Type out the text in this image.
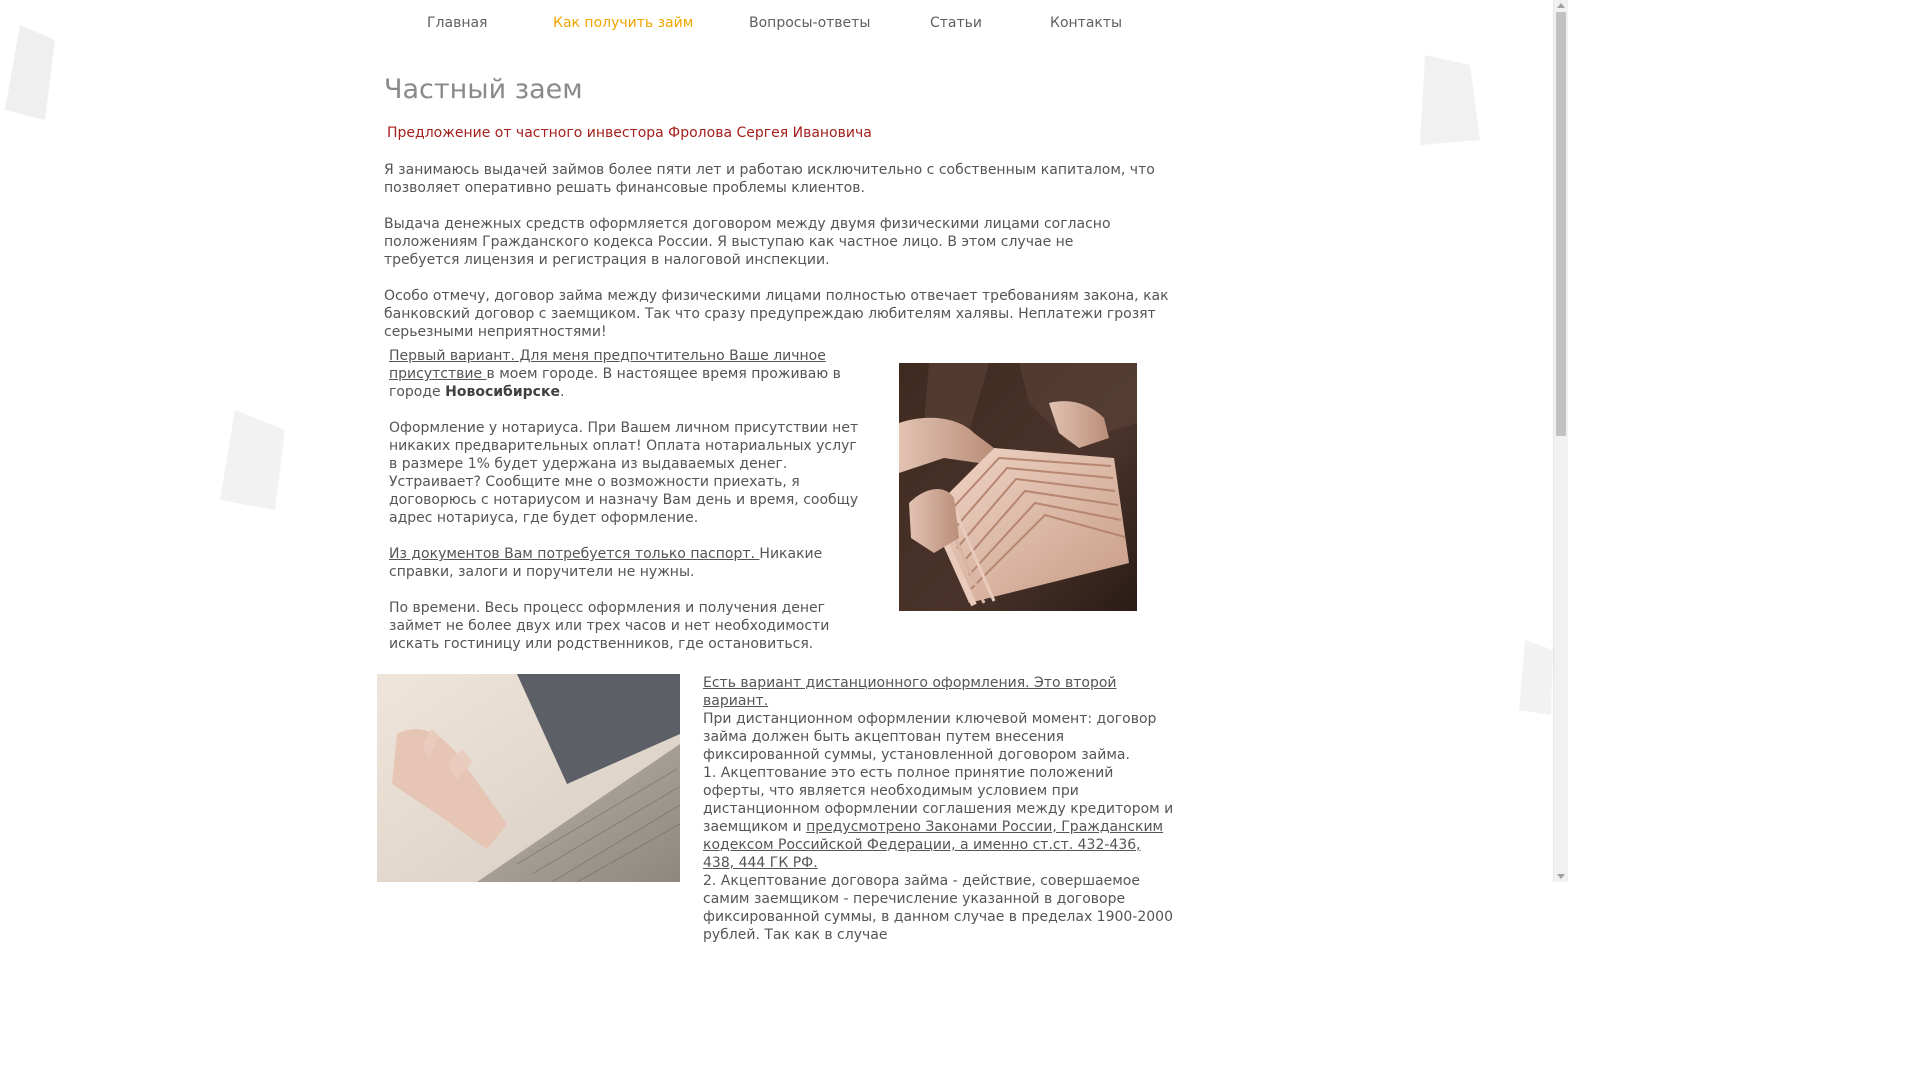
Главная	Как получить займ	Вопросы-ответы	Статьи	Контакты
Частный заем
Предложение от частного инвестора Фролова Сергея Ивановича

Я занимаюсь выдачей займов более пяти лет и работаю исключительно с собственным капиталом, что позволяет оперативно решать финансовые проблемы клиентов.

Выдача денежных средств оформляется договором между двумя физическими лицами согласно положениям Гражданского кодекса России. Я выступаю как частное лицо. В этом случае не требуется лицензия и регистрация в налоговой инспекции.

Особо отмечу, договор займа между физическими лицами полностью отвечает требованиям закона, как банковский договор с заемщиком. Так что сразу предупреждаю любителям халявы. Неплатежи грозят серьезными неприятностями!

Первый вариант. Для меня предпочтительно Ваше личное присутствие в моем городе. В настоящее время проживаю в городе Новосибирске.

Оформление у нотариуса. При Вашем личном присутствии нет никаких предварительных оплат! Оплата нотариальных услуг в размере 1% будет удержана из выдаваемых денег. Устраивает? Сообщите мне о возможности приехать, я договорюсь с нотариусом и назначу Вам день и время, сообщу адрес нотариуса, где будет оформление.

Из документов Вам потребуется только паспорт. Никакие справки, залоги и поручители не нужны.

По времени. Весь процесс оформления и получения денег займет не более двух или трех часов и нет необходимости искать гостиницу или родственников, где остановиться.

Есть вариант дистанционного оформления. Это второй вариант.

При дистанционном оформлении ключевой момент: договор займа должен быть акцептован путем внесения фиксированной суммы, установленной договором займа.

1. Акцептование это есть полное принятие положений оферты, что является необходимым условием при дистанционном оформлении соглашения между кредитором и заемщиком и предусмотрено Законами России, Гражданским кодексом Российской Федерации, а именно ст.ст. 432-436, 438, 444 ГК РФ.

2. Акцептование договора займа - действие, совершаемое самим заемщиком - перечисление указанной в договоре фиксированной суммы, в данном случае в пределах 1900-2000 рублей. Так как в случае
